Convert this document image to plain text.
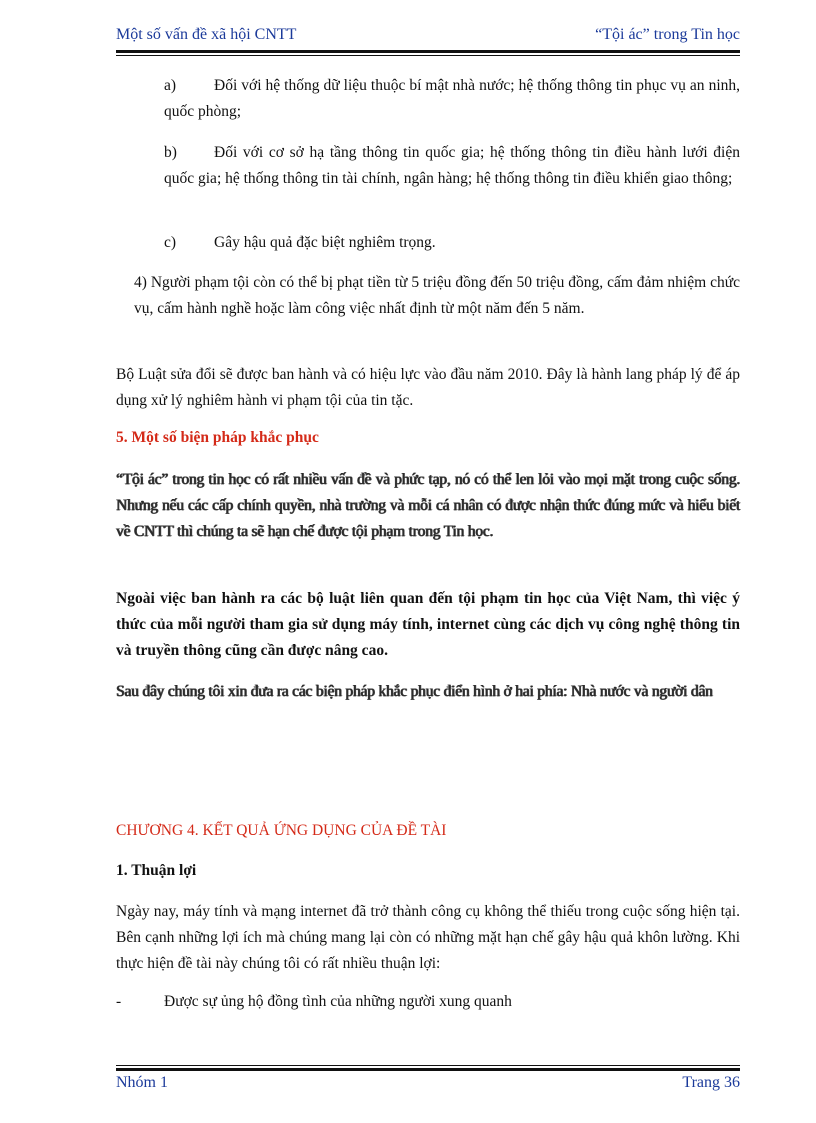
Một số vấn đề xã hội CNTT	“Tội ác” trong Tin học
a)	Đối với hệ thống dữ liệu thuộc bí mật nhà nước; hệ thống thông tin phục vụ an ninh, quốc phòng;
b)	Đối với cơ sở hạ tầng thông tin quốc gia; hệ thống thông tin điều hành lưới điện quốc gia; hệ thống thông tin tài chính, ngân hàng; hệ thống thông tin điều khiển giao thông;
c) Gây hậu quả đặc biệt nghiêm trọng.
4) Người phạm tội còn có thể bị phạt tiền từ 5 triệu đồng đến 50 triệu đồng, cấm đảm nhiệm chức vụ, cấm hành nghề hoặc làm công việc nhất định từ một năm đến 5 năm.
Bộ Luật sửa đổi sẽ được ban hành và có hiệu lực vào đầu năm 2010. Đây là hành lang pháp lý để áp dụng xử lý nghiêm hành vi phạm tội của tin tặc.
5. Một số biện pháp khắc phục
“Tội ác” trong tin học có rất nhiều vấn đề và phức tạp, nó có thể len lỏi vào mọi mặt trong cuộc sống. Nhưng nếu các cấp chính quyền, nhà trường và mỗi cá nhân có được nhận thức đúng mức và hiểu biết về CNTT thì chúng ta sẽ hạn chế được tội phạm trong Tin học.
Ngoài việc ban hành ra các bộ luật liên quan đến tội phạm tin học của Việt Nam, thì việc ý thức của mỗi người tham gia sử dụng máy tính, internet cùng các dịch vụ công nghệ thông tin và truyền thông cũng cần được nâng cao.
Sau đây chúng tôi xin đưa ra các biện pháp khắc phục điển hình ở hai phía: Nhà nước và người dân
CHƯƠNG 4. KẾT QUẢ ỨNG DỤNG CỦA ĐỀ TÀI
1. Thuận lợi
Ngày nay, máy tính và mạng internet đã trở thành công cụ không thể thiếu trong cuộc sống hiện tại. Bên cạnh những lợi ích mà chúng mang lại còn có những mặt hạn chế gây hậu quả khôn lường. Khi thực hiện đề tài này chúng tôi có rất nhiều thuận lợi:
-	Được sự ủng hộ đồng tình của những người xung quanh
Nhóm 1	Trang 36
